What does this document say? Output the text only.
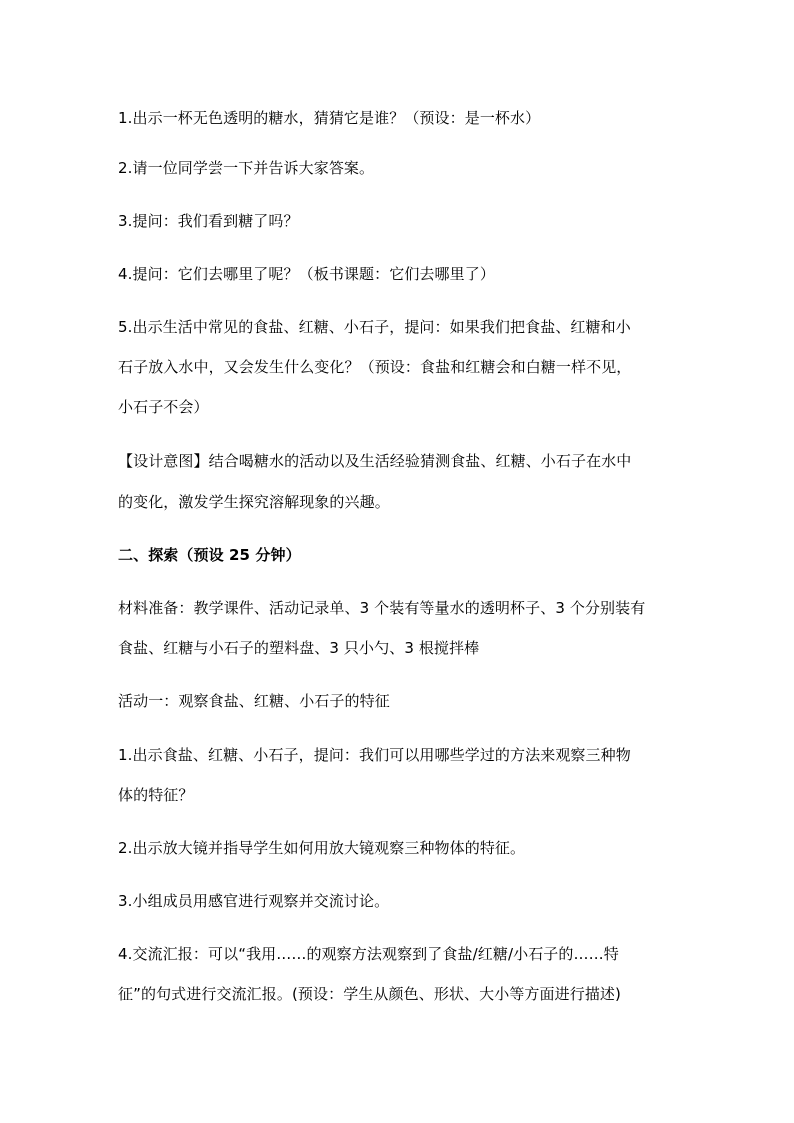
1.出示一杯无色透明的糖水，猜猜它是谁？（预设：是一杯水）
2.请一位同学尝一下并告诉大家答案。
3.提问：我们看到糖了吗？
4.提问：它们去哪里了呢？（板书课题：它们去哪里了）
5.出示生活中常见的食盐、红糖、小石子，提问：如果我们把食盐、红糖和小
石子放入水中，又会发生什么变化？（预设：食盐和红糖会和白糖一样不见，
小石子不会）
【设计意图】结合喝糖水的活动以及生活经验猜测食盐、红糖、小石子在水中
的变化，激发学生探究溶解现象的兴趣。
二、探索（预设 25 分钟）
材料准备：教学课件、活动记录单、3 个装有等量水的透明杯子、3 个分别装有
食盐、红糖与小石子的塑料盘、3 只小勺、3 根搅拌棒
活动一：观察食盐、红糖、小石子的特征
1.出示食盐、红糖、小石子，提问：我们可以用哪些学过的方法来观察三种物
体的特征？
2.出示放大镜并指导学生如何用放大镜观察三种物体的特征。
3.小组成员用感官进行观察并交流讨论。
4.交流汇报：可以“我用……的观察方法观察到了食盐/红糖/小石子的……特
征”的句式进行交流汇报。(预设：学生从颜色、形状、大小等方面进行描述)
